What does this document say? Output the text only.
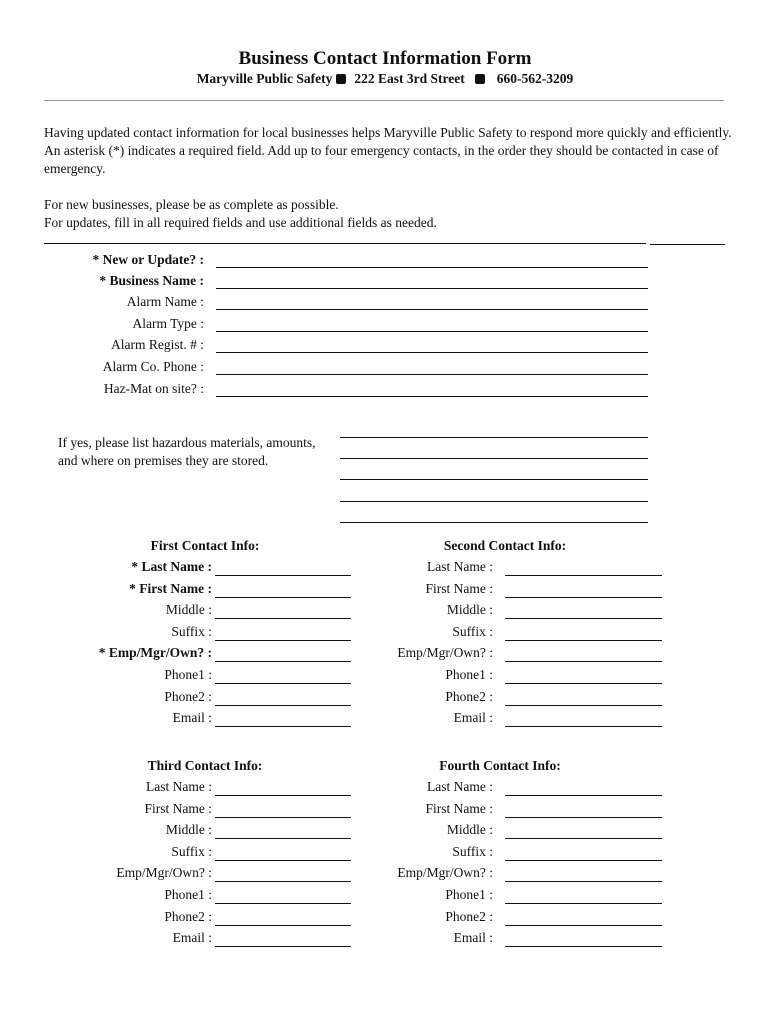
Business Contact Information Form
Maryville Public Safety 222 East 3rd Street 660-562-3209
Having updated contact information for local businesses helps Maryville Public Safety to respond more quickly and efficiently. An asterisk (*) indicates a required field. Add up to four emergency contacts, in the order they should be contacted in case of emergency.
For new businesses, please be as complete as possible.
For updates, fill in all required fields and use additional fields as needed.
* New or Update? :
* Business Name :
Alarm Name :
Alarm Type :
Alarm Regist. # :
Alarm Co. Phone :
Haz-Mat on site? :
If yes, please list hazardous materials, amounts, and where on premises they are stored.
First Contact Info:
* Last Name :
* First Name :
Middle :
Suffix :
* Emp/Mgr/Own? :
Phone1 :
Phone2 :
Email :
Second Contact Info:
Last Name :
First Name :
Middle :
Suffix :
Emp/Mgr/Own? :
Phone1 :
Phone2 :
Email :
Third Contact Info:
Last Name :
First Name :
Middle :
Suffix :
Emp/Mgr/Own? :
Phone1 :
Phone2 :
Email :
Fourth Contact Info:
Last Name :
First Name :
Middle :
Suffix :
Emp/Mgr/Own? :
Phone1 :
Phone2 :
Email :
